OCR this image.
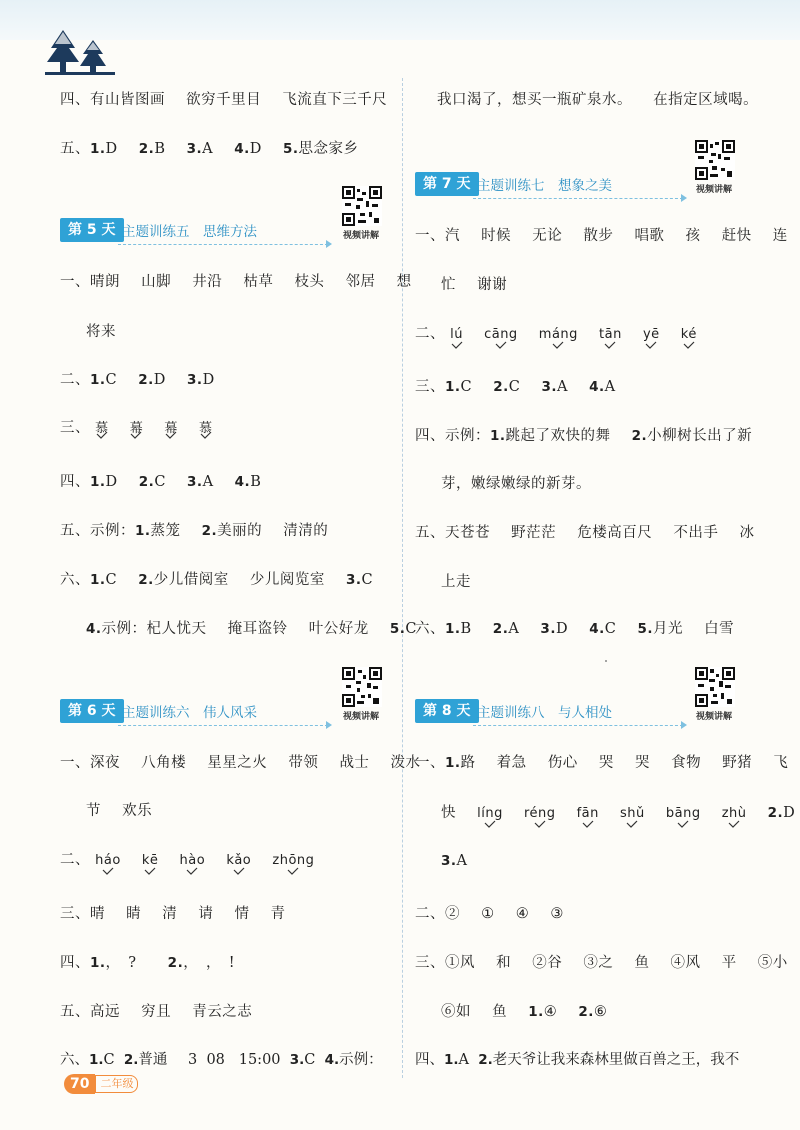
四、有山皆图画 欲穷千里目 飞流直下三千尺
五、1.D 2.B 3.A 4.D 5.思念家乡
第 5 天 主题训练五　思维方法	视频讲解
一、晴朗 山脚 井沿 枯草 枝头 邻居 想
将来
二、1.C 2.D 3.D
三、 慕 幕 幕 慕
四、1.D 2.C 3.A 4.B
五、示例：1.蒸笼 2.美丽的 清清的
六、1.C 2.少儿借阅室 少儿阅览室 3.C
4.示例：杞人忧天 掩耳盗铃 叶公好龙 5.C
第 6 天 主题训练六　伟人风采	视频讲解
一、深夜 八角楼 星星之火 带领 战士 泼水
节 欢乐
二、 háo kē hào kǎo zhōng
三、晴 睛 清 请 情 青
四、1.，　? 2.，　，　!
五、高远 穷且 青云之志
六、1.C 2.普通 3 08 15:00 3.C 4.示例：
我口渴了，想买一瓶矿泉水。 在指定区域喝。
第 7 天 主题训练七　想象之美	视频讲解
一、汽 时候 无论 散步 唱歌 孩 赶快 连
忙 谢谢
二、 lú cāng máng tān yē ké
三、1.C 2.C 3.A 4.A
四、示例：1.跳起了欢快的舞 2.小柳树长出了新
芽，嫩绿嫩绿的新芽。
五、天苍苍 野茫茫 危楼高百尺 不出手 冰
上走
六、1.B 2.A 3.D 4.C 5.月光 白雪
第 8 天 主题训练八　与人相处	视频讲解
一、1.路 着急 伤心 哭 哭 食物 野猪 飞
快 líng réng fān shǔ bāng zhù 2.D
3.A
二、② ① ④ ③
三、①风 和 ②谷 ③之 鱼 ④风 平 ⑤小
⑥如 鱼 1.④ 2.⑥
四、1.A 2.老天爷让我来森林里做百兽之王，我不
70	二年级
